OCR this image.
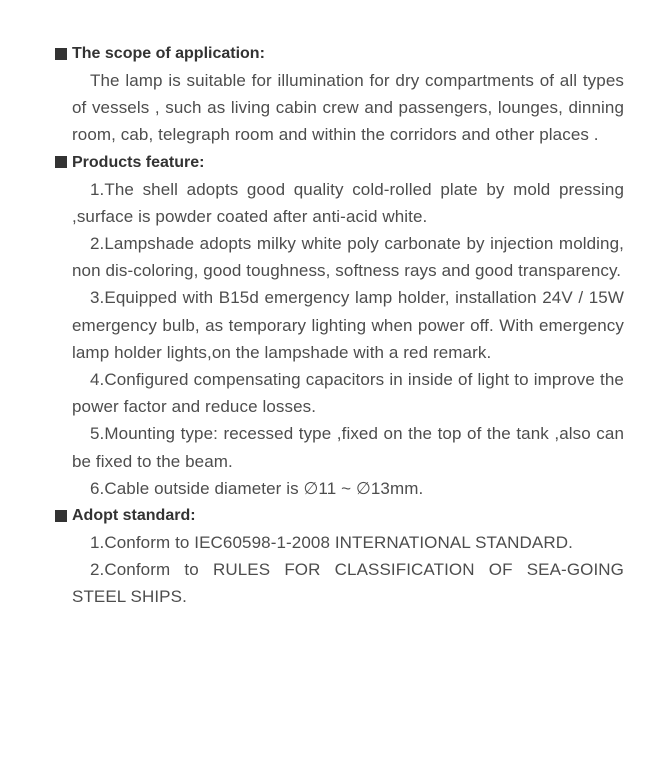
The scope of application:

The lamp is suitable for illumination for dry compartments of all types of vessels , such as living cabin crew and passengers, lounges, dinning room, cab, telegraph room and within the corridors and other places .

Products feature:

1.The shell adopts good quality cold-rolled plate by mold pressing ,surface is powder coated after anti-acid white.

2.Lampshade adopts milky white poly carbonate by injection molding, non dis-coloring, good toughness, softness rays and good transparency.

3.Equipped with B15d emergency lamp holder, installation 24V / 15W emergency bulb, as temporary lighting when power off. With emergency lamp holder lights,on the lampshade with a red remark.

4.Configured compensating capacitors in inside of light to improve the power factor and reduce losses.

5.Mounting type: recessed type ,fixed on the top of the tank ,also can be fixed to the beam.

6.Cable outside diameter is ∅11 ~ ∅13mm.

Adopt standard:

1.Conform to IEC60598-1-2008 INTERNATIONAL STANDARD.

2.Conform to RULES FOR CLASSIFICATION OF SEA-GOING STEEL SHIPS.
